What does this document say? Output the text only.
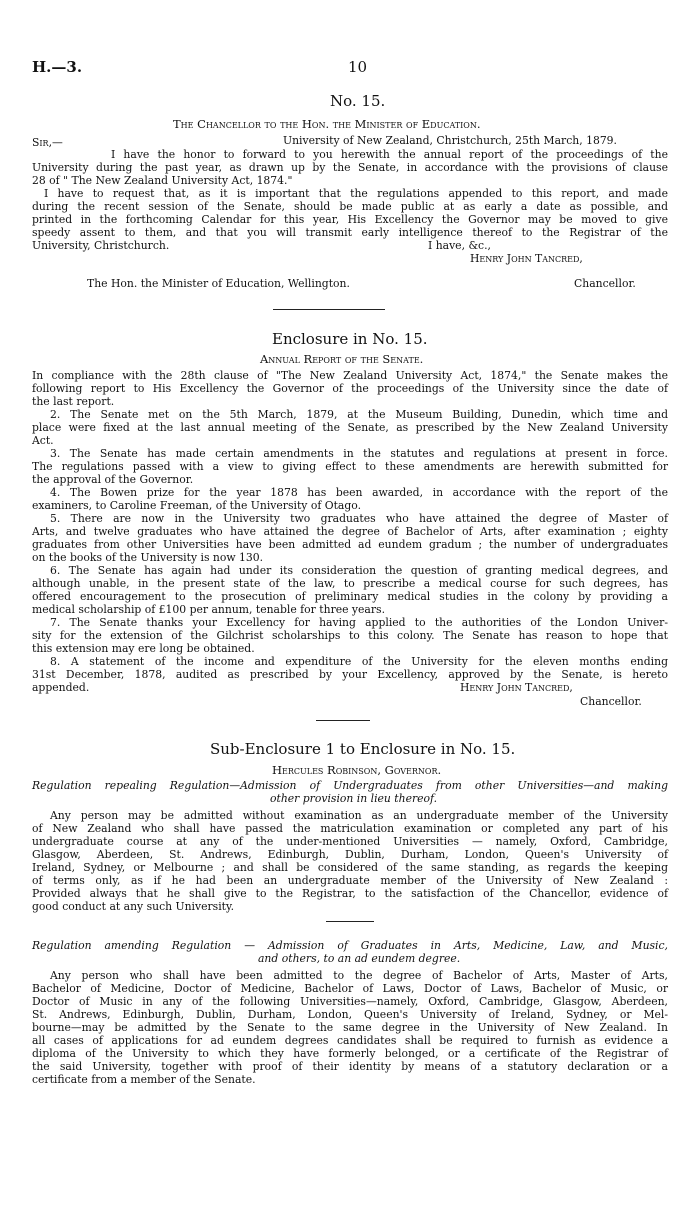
H.—3.	10
No. 15.
The Chancellor to the Hon. the Minister of Education.
Sir,—	University of New Zealand, Christchurch, 25th March, 1879.
I have the honor to forward to you herewith the annual report of the proceedings of the
University during the past year, as drawn up by the Senate, in accordance with the provisions of clause
28 of " The New Zealand University Act, 1874."
I have to request that, as it is important that the regulations appended to this report, and made
during the recent session of the Senate, should be made public at as early a date as possible, and
printed in the forthcoming Calendar for this year, His Excellency the Governor may be moved to give
speedy assent to them, and that you will transmit early intelligence thereof to the Registrar of the
University, Christchurch.	I have, &c.,
Henry John Tancred,
The Hon. the Minister of Education, Wellington.	Chancellor.
Enclosure in No. 15.
Annual Report of the Senate.
In compliance with the 28th clause of "The New Zealand University Act, 1874," the Senate makes the
following report to His Excellency the Governor of the proceedings of the University since the date of
the last report.
2. The Senate met on the 5th March, 1879, at the Museum Building, Dunedin, which time and
place were fixed at the last annual meeting of the Senate, as prescribed by the New Zealand University
Act.
3. The Senate has made certain amendments in the statutes and regulations at present in force.
The regulations passed with a view to giving effect to these amendments are herewith submitted for
the approval of the Governor.
4. The Bowen prize for the year 1878 has been awarded, in accordance with the report of the
examiners, to Caroline Freeman, of the University of Otago.
5. There are now in the University two graduates who have attained the degree of Master of
Arts, and twelve graduates who have attained the degree of Bachelor of Arts, after examination ; eighty
graduates from other Universities have been admitted ad eundem gradum ; the number of undergraduates
on the books of the University is now 130.
6. The Senate has again had under its consideration the question of granting medical degrees, and
although unable, in the present state of the law, to prescribe a medical course for such degrees, has
offered encouragement to the prosecution of preliminary medical studies in the colony by providing a
medical scholarship of £100 per annum, tenable for three years.
7. The Senate thanks your Excellency for having applied to the authorities of the London Univer-
sity for the extension of the Gilchrist scholarships to this colony. The Senate has reason to hope that
this extension may ere long be obtained.
8. A statement of the income and expenditure of the University for the eleven months ending
31st December, 1878, audited as prescribed by your Excellency, approved by the Senate, is hereto
appended.	Henry John Tancred,
Chancellor.
Sub-Enclosure 1 to Enclosure in No. 15.
Hercules Robinson, Governor.
Regulation repealing Regulation—Admission of Undergraduates from other Universities—and making
other provision in lieu thereof.
Any person may be admitted without examination as an undergraduate member of the University
of New Zealand who shall have passed the matriculation examination or completed any part of his
undergraduate course at any of the under-mentioned Universities — namely, Oxford, Cambridge,
Glasgow, Aberdeen, St. Andrews, Edinburgh, Dublin, Durham, London, Queen's University of
Ireland, Sydney, or Melbourne ; and shall be considered of the same standing, as regards the keeping
of terms only, as if he had been an undergraduate member of the University of New Zealand :
Provided always that he shall give to the Registrar, to the satisfaction of the Chancellor, evidence of
good conduct at any such University.
Regulation amending Regulation — Admission of Graduates in Arts, Medicine, Law, and Music,
and others, to an ad eundem degree.
Any person who shall have been admitted to the degree of Bachelor of Arts, Master of Arts,
Bachelor of Medicine, Doctor of Medicine, Bachelor of Laws, Doctor of Laws, Bachelor of Music, or
Doctor of Music in any of the following Universities—namely, Oxford, Cambridge, Glasgow, Aberdeen,
St. Andrews, Edinburgh, Dublin, Durham, London, Queen's University of Ireland, Sydney, or Mel-
bourne—may be admitted by the Senate to the same degree in the University of New Zealand. In
all cases of applications for ad eundem degrees candidates shall be required to furnish as evidence a
diploma of the University to which they have formerly belonged, or a certificate of the Registrar of
the said University, together with proof of their identity by means of a statutory declaration or a
certificate from a member of the Senate.
